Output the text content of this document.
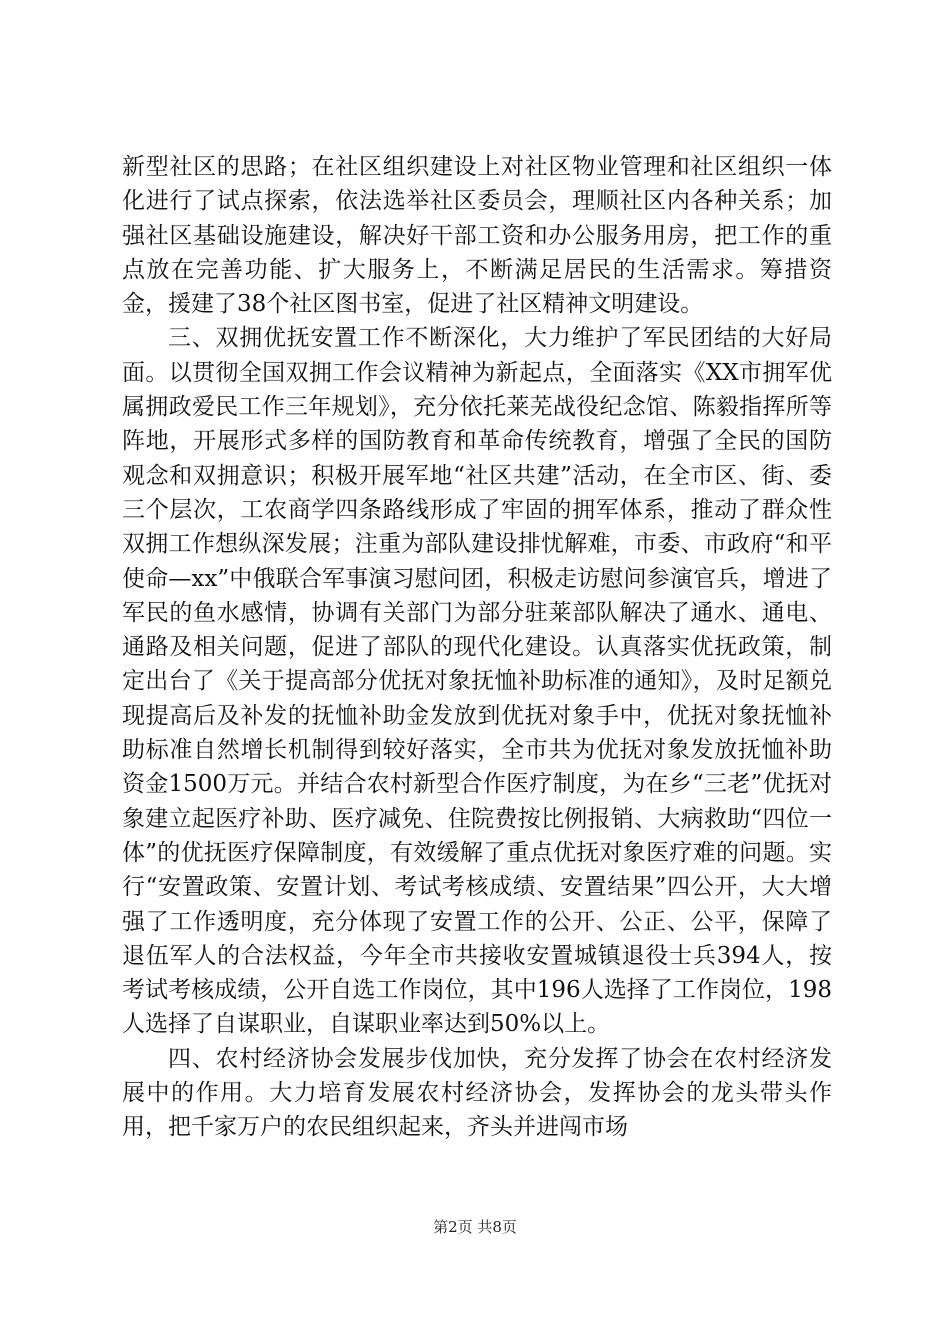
新型社区的思路；在社区组织建设上对社区物业管理和社区组织一体化进行了试点探索，依法选举社区委员会，理顺社区内各种关系；加强社区基础设施建设，解决好干部工资和办公服务用房，把工作的重点放在完善功能、扩大服务上，不断满足居民的生活需求。筹措资金，援建了38个社区图书室，促进了社区精神文明建设。

三、双拥优抚安置工作不断深化，大力维护了军民团结的大好局面。以贯彻全国双拥工作会议精神为新起点，全面落实《XX市拥军优属拥政爱民工作三年规划》，充分依托莱芜战役纪念馆、陈毅指挥所等阵地，开展形式多样的国防教育和革命传统教育，增强了全民的国防观念和双拥意识；积极开展军地“社区共建”活动，在全市区、街、委三个层次，工农商学四条路线形成了牢固的拥军体系，推动了群众性双拥工作想纵深发展；注重为部队建设排忧解难，市委、市政府“和平使命—xx”中俄联合军事演习慰问团，积极走访慰问参演官兵，增进了军民的鱼水感情，协调有关部门为部分驻莱部队解决了通水、通电、通路及相关问题，促进了部队的现代化建设。认真落实优抚政策，制定出台了《关于提高部分优抚对象抚恤补助标准的通知》，及时足额兑现提高后及补发的抚恤补助金发放到优抚对象手中，优抚对象抚恤补助标准自然增长机制得到较好落实，全市共为优抚对象发放抚恤补助资金1500万元。并结合农村新型合作医疗制度，为在乡“三老”优抚对象建立起医疗补助、医疗减免、住院费按比例报销、大病救助“四位一体”的优抚医疗保障制度，有效缓解了重点优抚对象医疗难的问题。实行“安置政策、安置计划、考试考核成绩、安置结果”四公开，大大增强了工作透明度，充分体现了安置工作的公开、公正、公平，保障了退伍军人的合法权益，今年全市共接收安置城镇退役士兵394人，按考试考核成绩，公开自选工作岗位，其中196人选择了工作岗位，198人选择了自谋职业，自谋职业率达到50%以上。

四、农村经济协会发展步伐加快，充分发挥了协会在农村经济发展中的作用。大力培育发展农村经济协会，发挥协会的龙头带头作用，把千家万户的农民组织起来，齐头并进闯市场

第2页 共8页
